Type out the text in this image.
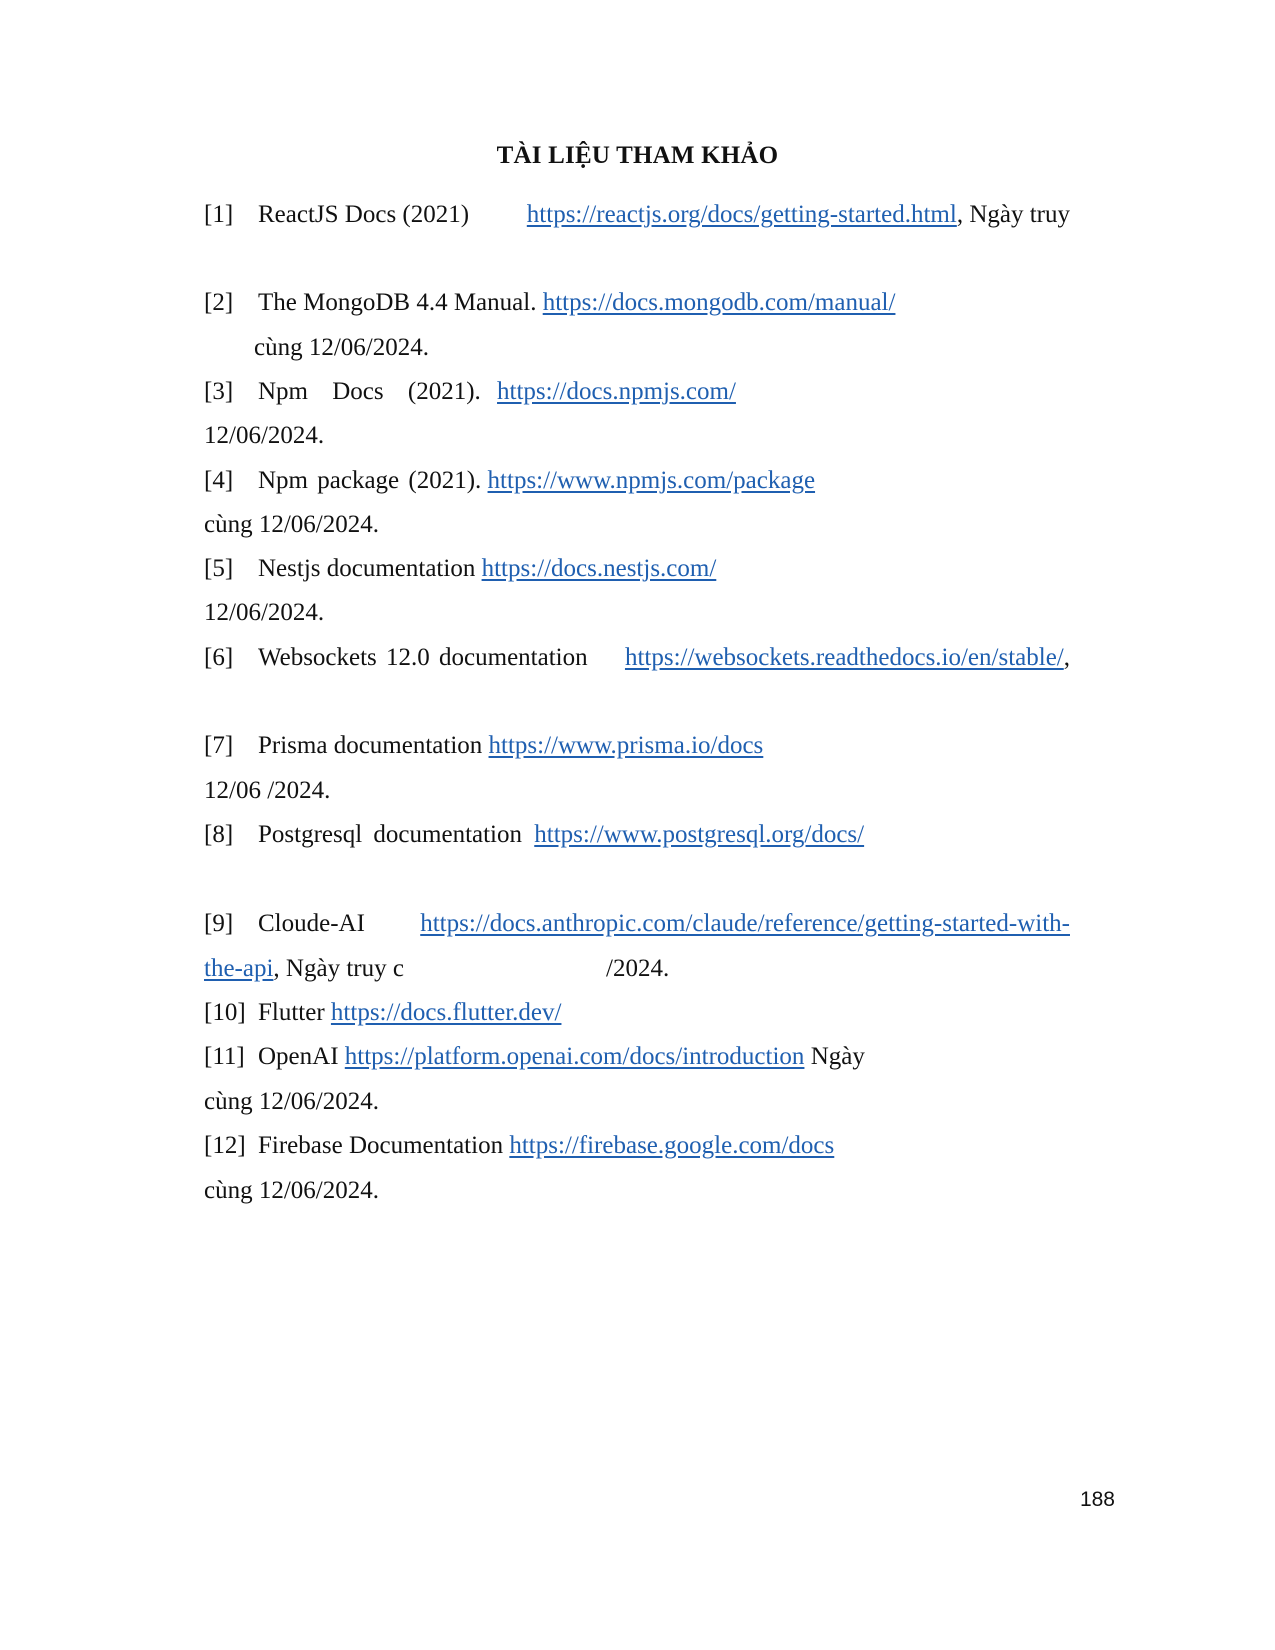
TÀI LIỆU THAM KHẢO
[1] ReactJS Docs (2021) https://reactjs.org/docs/getting-started.html, Ngày truy
[2] The MongoDB 4.4 Manual. https://docs.mongodb.com/manual/
cùng 12/06/2024.
[3] Npm Docs (2021). https://docs.npmjs.com/
12/06/2024.
[4] Npm package (2021). https://www.npmjs.com/package
cùng 12/06/2024.
[5] Nestjs documentation https://docs.nestjs.com/
12/06/2024.
[6] Websockets 12.0 documentation https://websockets.readthedocs.io/en/stable/,
[7] Prisma documentation https://www.prisma.io/docs
12/06 /2024.
[8] Postgresql documentation https://www.postgresql.org/docs/
[9] Cloude-AI https://docs.anthropic.com/claude/reference/getting-started-with-
the-api, Ngày truy c	/2024.
[10] Flutter https://docs.flutter.dev/
[11] OpenAI https://platform.openai.com/docs/introduction Ngày
cùng 12/06/2024.
[12] Firebase Documentation https://firebase.google.com/docs
cùng 12/06/2024.
188
